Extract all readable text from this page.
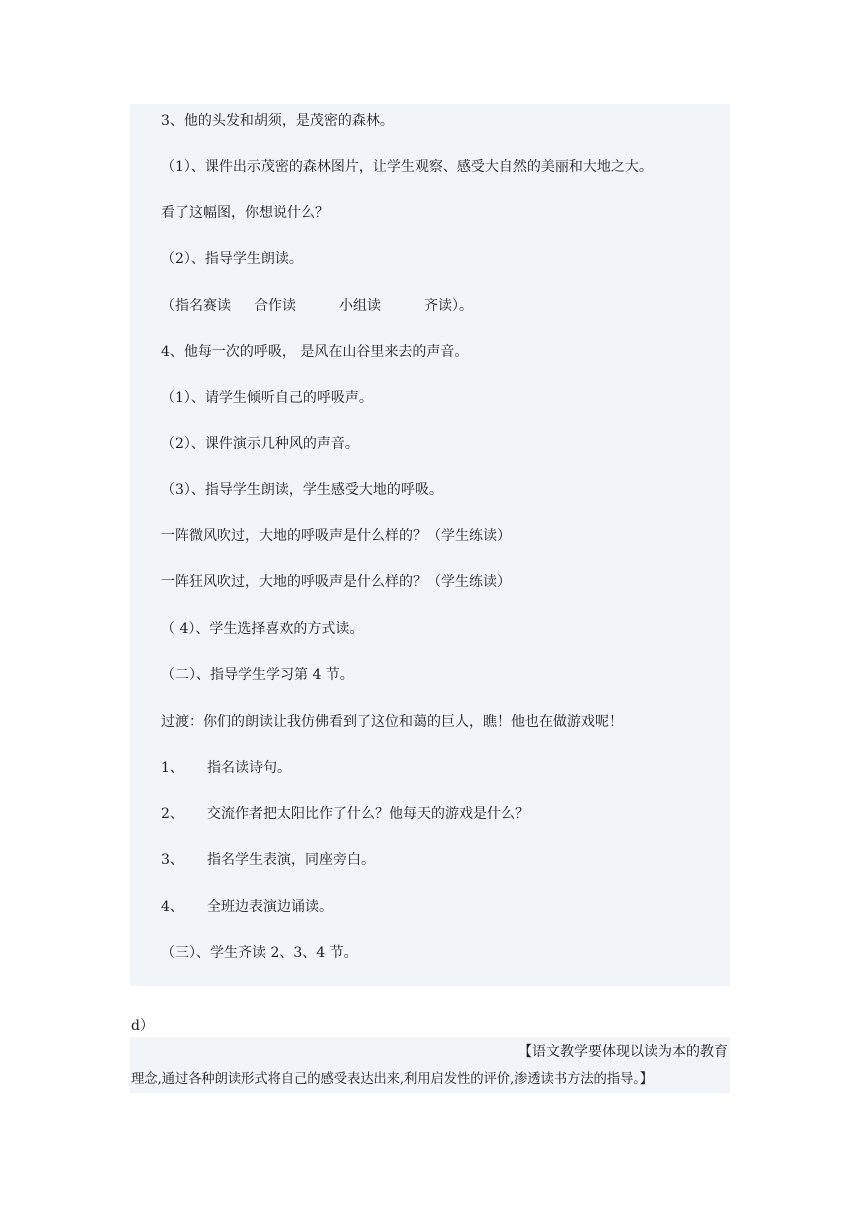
3、他的头发和胡须，是茂密的森林。
（1）、课件出示茂密的森林图片，让学生观察、感受大自然的美丽和大地之大。
看了这幅图，你想说什么？
（2）、指导学生朗读。
（指名赛读 合作读	小组读	齐读）。
4、他每一次的呼吸， 是风在山谷里来去的声音。
（1）、请学生倾听自己的呼吸声。
（2）、课件演示几种风的声音。
（3）、指导学生朗读，学生感受大地的呼吸。
一阵微风吹过，大地的呼吸声是什么样的？（学生练读）
一阵狂风吹过，大地的呼吸声是什么样的？（学生练读）
（ 4）、学生选择喜欢的方式读。
（二）、指导学生学习第 4 节。
过渡：你们的朗读让我仿佛看到了这位和蔼的巨人，瞧！他也在做游戏呢！
1、 指名读诗句。
2、 交流作者把太阳比作了什么？他每天的游戏是什么？
3、 指名学生表演，同座旁白。
4、 全班边表演边诵读。
（三）、学生齐读 2、3、4 节。
d）
【语文教学要体现以读为本的教育
理念,通过各种朗读形式将自己的感受表达出来,利用启发性的评价,渗透读书方法的指导。】
